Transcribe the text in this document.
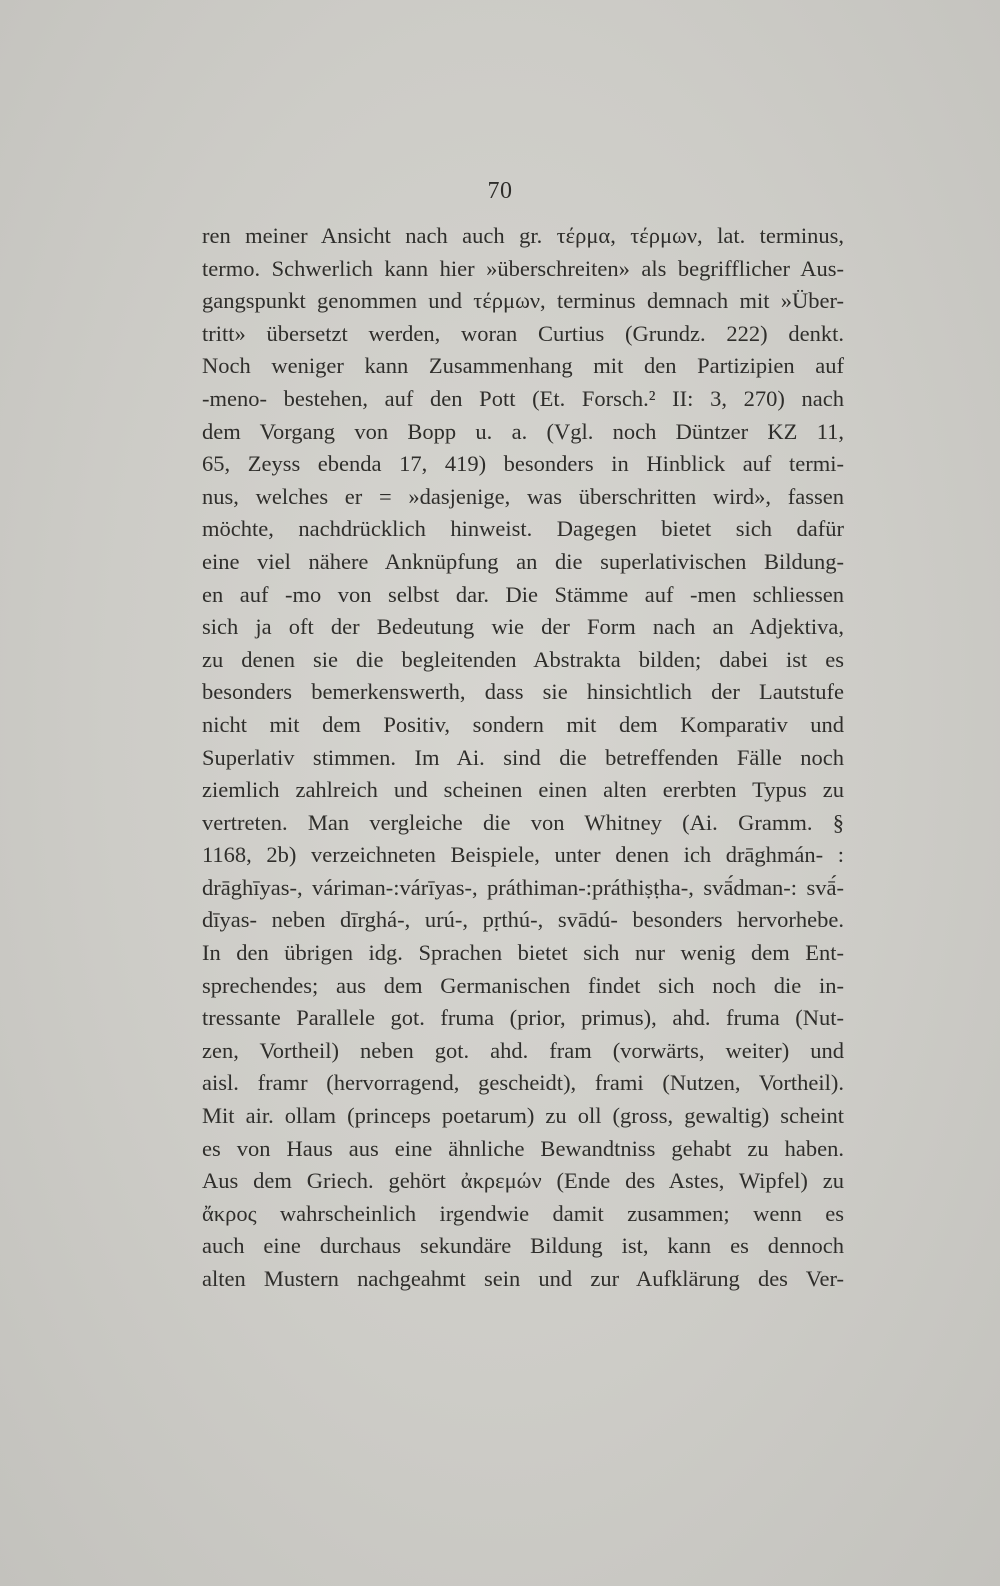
70
ren meiner Ansicht nach auch gr. τέρμα, τέρμων, lat. terminus,
termo. Schwerlich kann hier »überschreiten» als begrifflicher Aus-
gangspunkt genommen und τέρμων, terminus demnach mit »Über-
tritt» übersetzt werden, woran Curtius (Grundz. 222) denkt.
Noch weniger kann Zusammenhang mit den Partizipien auf
-meno- bestehen, auf den Pott (Et. Forsch.² II: 3, 270) nach
dem Vorgang von Bopp u. a. (Vgl. noch Düntzer KZ 11,
65, Zeyss ebenda 17, 419) besonders in Hinblick auf termi-
nus, welches er = »dasjenige, was überschritten wird», fassen
möchte, nachdrücklich hinweist. Dagegen bietet sich dafür
eine viel nähere Anknüpfung an die superlativischen Bildung-
en auf -mo von selbst dar. Die Stämme auf -men schliessen
sich ja oft der Bedeutung wie der Form nach an Adjektiva,
zu denen sie die begleitenden Abstrakta bilden; dabei ist es
besonders bemerkenswerth, dass sie hinsichtlich der Lautstufe
nicht mit dem Positiv, sondern mit dem Komparativ und
Superlativ stimmen. Im Ai. sind die betreffenden Fälle noch
ziemlich zahlreich und scheinen einen alten ererbten Typus zu
vertreten. Man vergleiche die von Whitney (Ai. Gramm. §
1168, 2b) verzeichneten Beispiele, unter denen ich drāghmán- :
drāghīyas-, váriman-:várīyas-, práthiman-:práthiṣṭha-, svā́dman-: svā́-
dīyas- neben dīrghá-, urú-, pṛthú-, svādú- besonders hervorhebe.
In den übrigen idg. Sprachen bietet sich nur wenig dem Ent-
sprechendes; aus dem Germanischen findet sich noch die in-
tressante Parallele got. fruma (prior, primus), ahd. fruma (Nut-
zen, Vortheil) neben got. ahd. fram (vorwärts, weiter) und
aisl. framr (hervorragend, gescheidt), frami (Nutzen, Vortheil).
Mit air. ollam (princeps poetarum) zu oll (gross, gewaltig) scheint
es von Haus aus eine ähnliche Bewandtniss gehabt zu haben.
Aus dem Griech. gehört ἀκρεμών (Ende des Astes, Wipfel) zu
ἄκρος wahrscheinlich irgendwie damit zusammen; wenn es
auch eine durchaus sekundäre Bildung ist, kann es dennoch
alten Mustern nachgeahmt sein und zur Aufklärung des Ver-
